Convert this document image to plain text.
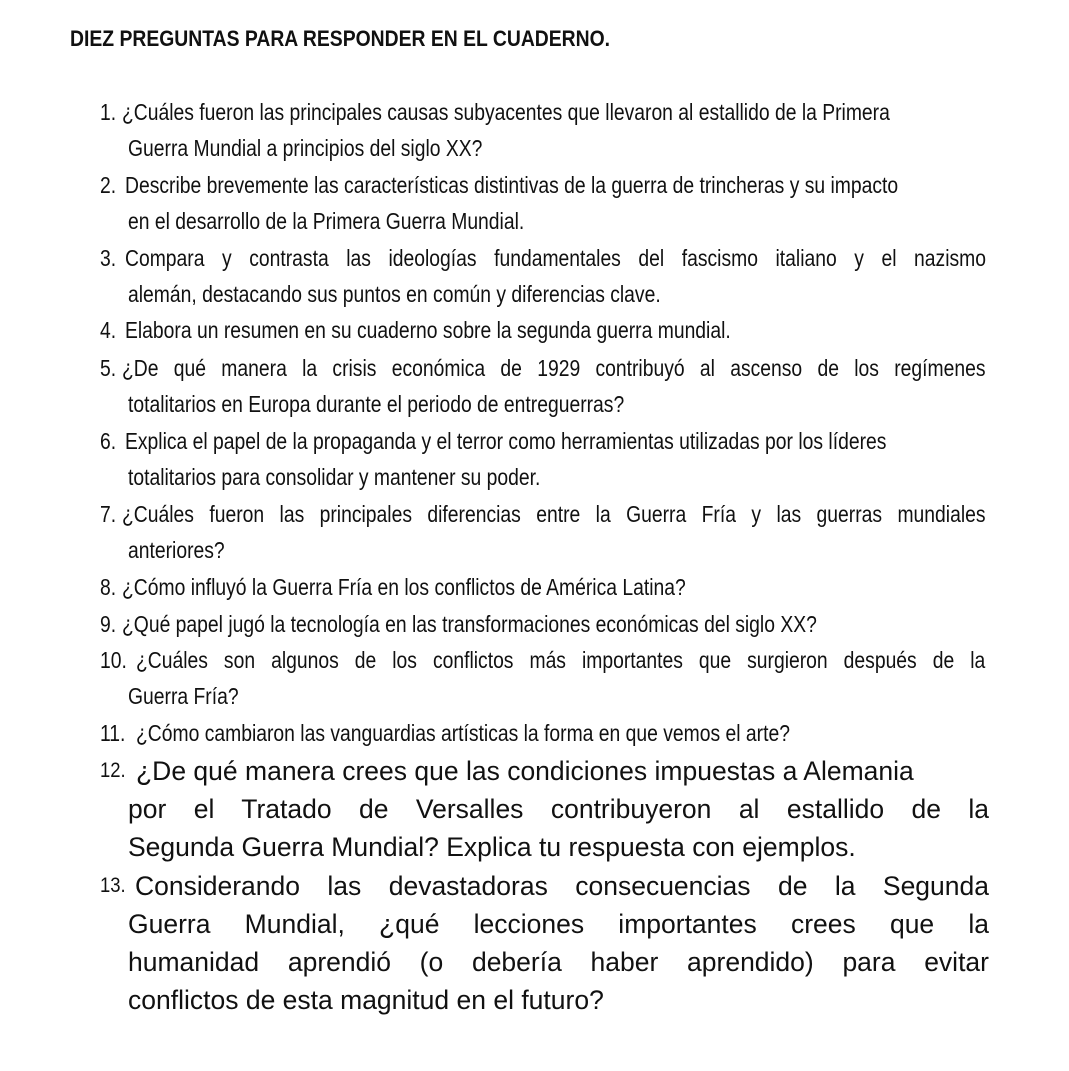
DIEZ PREGUNTAS PARA RESPONDER EN EL CUADERNO.
1. ¿Cuáles fueron las principales causas subyacentes que llevaron al estallido de la Primera
Guerra Mundial a principios del siglo XX?
2. Describe brevemente las características distintivas de la guerra de trincheras y su impacto
en el desarrollo de la Primera Guerra Mundial.
3. Compara y contrasta las ideologías fundamentales del fascismo italiano y el nazismo
alemán, destacando sus puntos en común y diferencias clave.
4. Elabora un resumen en su cuaderno sobre la segunda guerra mundial.
5. ¿De qué manera la crisis económica de 1929 contribuyó al ascenso de los regímenes
totalitarios en Europa durante el periodo de entreguerras?
6. Explica el papel de la propaganda y el terror como herramientas utilizadas por los líderes
totalitarios para consolidar y mantener su poder.
7. ¿Cuáles fueron las principales diferencias entre la Guerra Fría y las guerras mundiales
anteriores?
8. ¿Cómo influyó la Guerra Fría en los conflictos de América Latina?
9. ¿Qué papel jugó la tecnología en las transformaciones económicas del siglo XX?
10. ¿Cuáles son algunos de los conflictos más importantes que surgieron después de la
Guerra Fría?
11. ¿Cómo cambiaron las vanguardias artísticas la forma en que vemos el arte?
12. ¿De qué manera crees que las condiciones impuestas a Alemania
por el Tratado de Versalles contribuyeron al estallido de la
Segunda Guerra Mundial? Explica tu respuesta con ejemplos.
13. Considerando las devastadoras consecuencias de la Segunda
Guerra Mundial, ¿qué lecciones importantes crees que la
humanidad aprendió (o debería haber aprendido) para evitar
conflictos de esta magnitud en el futuro?
